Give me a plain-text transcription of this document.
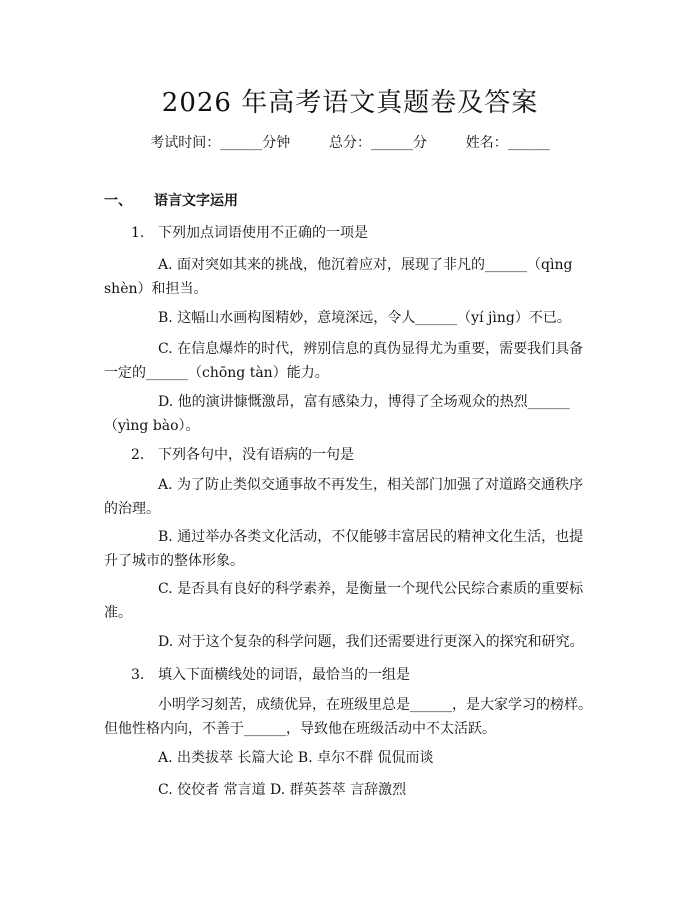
2026 年高考语文真题卷及答案
考试时间：______分钟	总分：______分	姓名：______
一、 语言文字运用
1. 下列加点词语使用不正确的一项是
A. 面对突如其来的挑战，他沉着应对，展现了非凡的______（qìng shèn）和担当。
B. 这幅山水画构图精妙，意境深远，令人______（yí jìng）不已。
C. 在信息爆炸的时代，辨别信息的真伪显得尤为重要，需要我们具备一定的______（chōng tàn）能力。
D. 他的演讲慷慨激昂，富有感染力，博得了全场观众的热烈______（yìng bào）。
2. 下列各句中，没有语病的一句是
A. 为了防止类似交通事故不再发生，相关部门加强了对道路交通秩序的治理。
B. 通过举办各类文化活动，不仅能够丰富居民的精神文化生活，也提升了城市的整体形象。
C. 是否具有良好的科学素养，是衡量一个现代公民综合素质的重要标准。
D. 对于这个复杂的科学问题，我们还需要进行更深入的探究和研究。
3. 填入下面横线处的词语，最恰当的一组是
小明学习刻苦，成绩优异，在班级里总是______，是大家学习的榜样。但他性格内向，不善于______，导致他在班级活动中不太活跃。
A. 出类拔萃 长篇大论 B. 卓尔不群 侃侃而谈
C. 佼佼者 常言道 D. 群英荟萃 言辞激烈
